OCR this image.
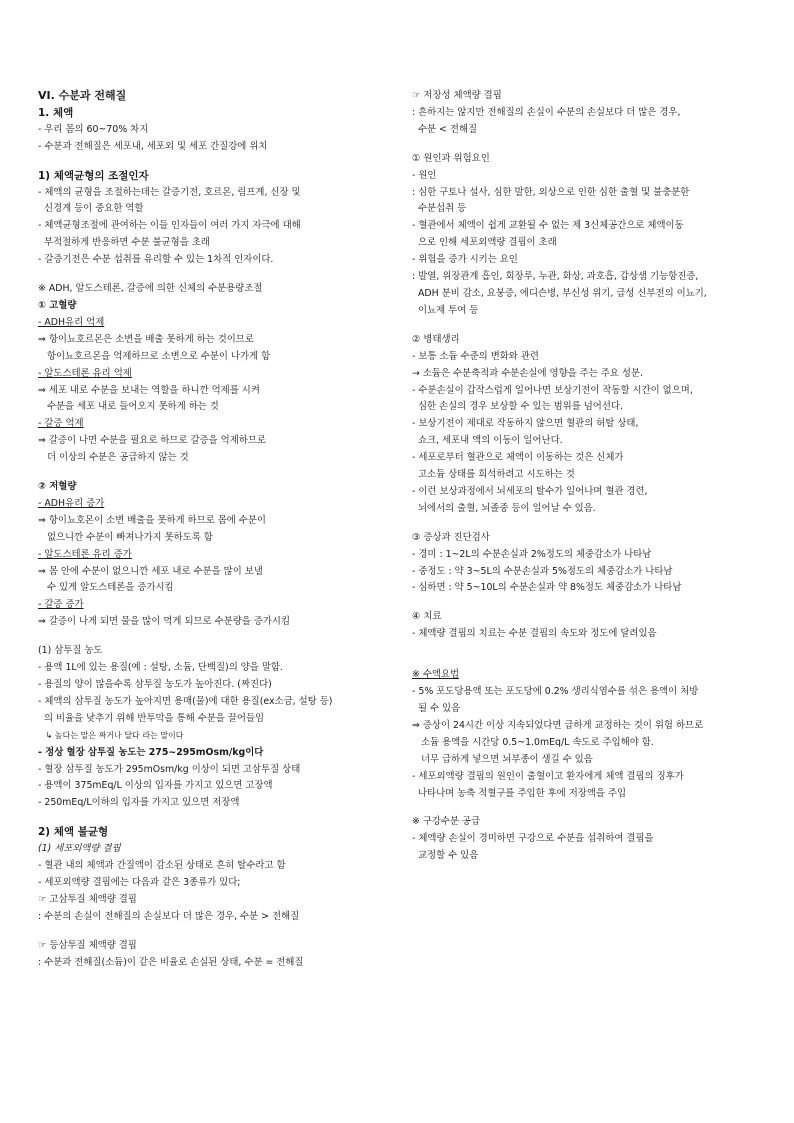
VI. 수분과 전해질
1. 체액
- 우리 몸의 60~70% 차지
- 수분과 전해질은 세포내, 세포외 및 세포 간질강에 위치
1) 체액균형의 조절인자
- 체액의 균형을 조절하는데는 갈증기전, 호르몬, 림프계, 신장 및
신경계 등이 중요한 역할
- 체액균형조절에 관여하는 이들 인자들이 여러 가지 자극에 대해
부적절하게 반응하면 수분 불균형을 초래
- 갈증기전은 수분 섭취를 유리할 수 있는 1차적 인자이다.
※ ADH, 알도스테론, 갈증에 의한 신체의 수분용량조절
① 고혈량
- ADH유리 억제
⇒ 항이뇨호르몬은 소변을 배출 못하게 하는 것이므로
항이뇨호르몬을 억제하므로 소변으로 수분이 나가게 함
- 알도스테론 유리 억제
⇒ 세포 내로 수분을 보내는 역할을 하니깐 억제를 시켜
수분을 세포 내로 들어오지 못하게 하는 것
- 갈증 억제
⇒ 갈증이 나면 수분을 필요로 하므로 갈증을 억제하므로
더 이상의 수분은 공급하지 않는 것
② 저혈량
- ADH유리 증가
⇒ 항이뇨호몬이 소변 배출을 못하게 하므로 몸에 수분이
없으니깐 수분이 빠져나가지 못하도록 함
- 알도스테론 유리 증가
⇒ 몸 안에 수분이 없으니깐 세포 내로 수분을 많이 보낼
수 있게 알도스테론을 증가시킴
- 갈증 증가
⇒ 갈증이 나게 되면 물을 많이 먹게 되므로 수분량을 증가시킴
(1) 삼투질 농도
- 용액 1L에 있는 용질(예 : 설탕, 소듐, 단백질)의 양을 말함.
- 용질의 양이 많을수록 삼투질 농도가 높아진다. (짜진다)
- 체액의 삼투질 농도가 높아지면 용매(물)에 대한 용질(ex소금, 설탕 등)
의 비율을 낮추기 위해 반투막을 통해 수분을 끌어들임
↳ 높다는 말은 짜거나 달다 라는 말이다
- 정상 혈장 삼투질 농도는 275~295mOsm/kg이다
- 혈장 삼투질 농도가 295mOsm/kg 이상이 되면 고삼투질 상태
- 용액이 375mEq/L 이상의 입자를 가지고 있으면 고장액
- 250mEq/L이하의 입자를 가지고 있으면 저장액
2) 체액 불균형
(1) 세포외액량 결핍
- 혈관 내의 체액과 간질액이 감소된 상태로 흔히 탈수라고 함
- 세포외액량 결핍에는 다음과 같은 3종류가 있다;
☞ 고삼투질 체액량 결핍
: 수분의 손실이 전해질의 손실보다 더 많은 경우, 수분 > 전해질
☞ 등삼투질 체액량 결핍
: 수분과 전해질(소듐)이 같은 비율로 손실된 상태, 수분 = 전해질
☞ 저장성 체액량 결핍
: 흔하지는 않지만 전해질의 손실이 수분의 손실보다 더 많은 경우,
수분 < 전해질
① 원인과 위험요인
- 원인
: 심한 구토나 설사, 심한 발한, 외상으로 인한 심한 출혈 및 불충분한
수분섭취 등
- 혈관에서 체액이 쉽게 교환될 수 없는 제 3신체공간으로 체액이동
으로 인해 세포외액량 결핍이 초래
- 위험을 증가 시키는 요인
: 발열, 위장관계 흡인, 회장루, 누관, 화상, 과호흡, 갑상샘 기능항진증,
ADH 분비 감소, 요붕증, 에디슨병, 부신성 위기, 급성 신부전의 이뇨기,
이뇨제 투여 등
② 병태생리
- 보통 소듐 수준의 변화와 관련
→ 소듐은 수분축적과 수분손실에 영향을 주는 주요 성분.
- 수분손실이 갑작스럽게 일어나면 보상기전이 작동할 시간이 없으며,
심한 손실의 경우 보상할 수 있는 범위를 넘어선다.
- 보상기전이 제대로 작동하지 않으면 혈관의 허탈 상태,
쇼크, 세포내 액의 이동이 일어난다.
- 세포로부터 혈관으로 체액이 이동하는 것은 신체가
고소듐 상태를 희석하려고 시도하는 것
- 이런 보상과정에서 뇌세포의 탈수가 일어나며 혈관 경련,
뇌에서의 출혈, 뇌졸중 등이 일어날 수 있음.
③ 증상과 진단검사
- 경미 : 1~2L의 수분손실과 2%정도의 체중감소가 나타남
- 중정도 : 약 3~5L의 수분손실과 5%정도의 체중감소가 나타남
- 심하면 : 약 5~10L의 수분손실과 약 8%정도 체중감소가 나타남
④ 치료
- 체액량 결핍의 치료는 수분 결핍의 속도와 정도에 달려있음
※ 수액요법
- 5% 포도당용액 또는 포도당에 0.2% 생리식염수를 섞은 용액이 처방
될 수 있음
⇒ 증상이 24시간 이상 지속되었다면 급하게 교정하는 것이 위험 하므로
소듐 용액을 시간당 0.5~1.0mEq/L 속도로 주입해야 함.
너무 급하게 넣으면 뇌부종이 생길 수 있음
- 세포외액량 결핍의 원인이 출혈이고 환자에게 체액 결핍의 징후가
나타나며 농축 적혈구를 주입한 후에 저장액을 주입
※ 구강수분 공급
- 체액량 손실이 경미하면 구강으로 수분을 섭취하여 결핍을
교정할 수 있음
